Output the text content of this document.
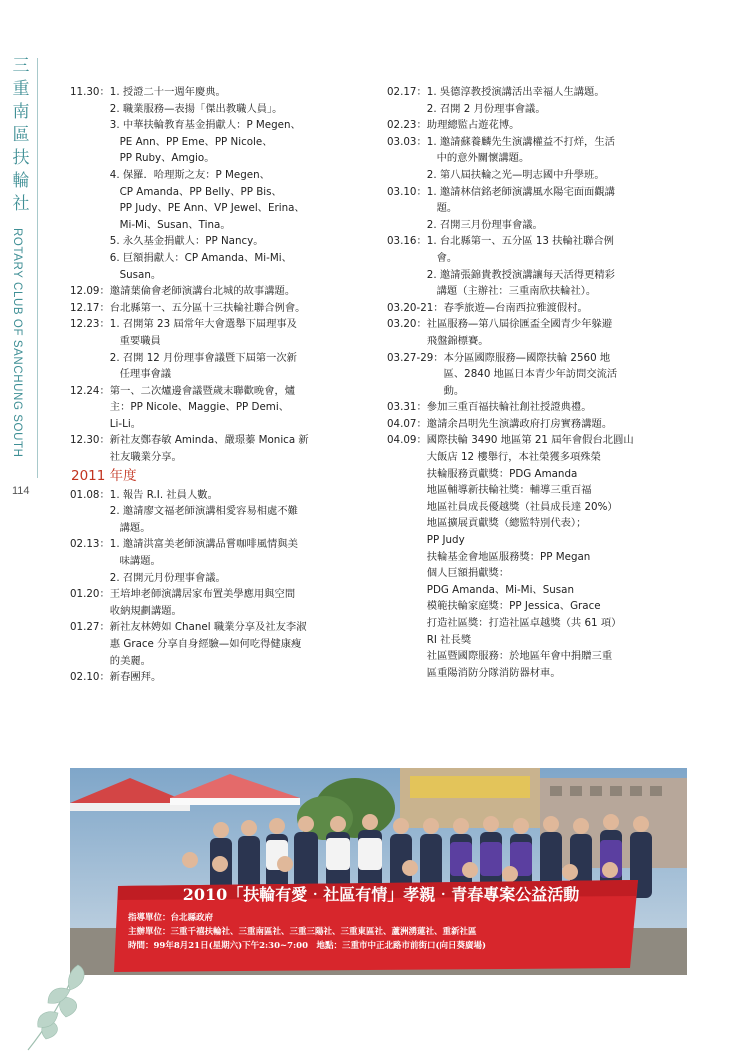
三重南區扶輪社
ROTARY CLUB OF SANCHUNG SOUTH
114
11.30： 1. 授證二十一週年慶典。
2. 職業服務—表揚「傑出教職人員」。
3. 中華扶輪教育基金捐獻人：P Megen、
PE Ann、PP Eme、PP Nicole、
PP Ruby、Amgio。
4. 保羅．哈理斯之友：P Megen、
CP Amanda、PP Belly、PP Bis、
PP Judy、PE Ann、VP Jewel、Erina、
Mi-Mi、Susan、Tina。
5. 永久基金捐獻人：PP Nancy。
6. 巨額捐獻人：CP Amanda、Mi-Mi、
Susan。
12.09： 邀請葉倫會老師演講台北城的故事講題。
12.17： 台北縣第一、五分區十三扶輪社聯合例會。
12.23： 1. 召開第 23 屆常年大會選舉下屆理事及
重要職員
2. 召開 12 月份理事會議暨下屆第一次新
任理事會議
12.24： 第一、二次爐邊會議暨歲末聯歡晚會，爐
主：PP Nicole、Maggie、PP Demi、
Li-Li。
12.30： 新社友鄭春敏 Aminda、嚴璟蓁 Monica 新
社友職業分享。
2011 年度
01.08： 1. 報告 R.I. 社員人數。
2. 邀請廖文福老師演講相愛容易相處不難
講題。
02.13： 1. 邀請洪富美老師演講品嘗咖啡風情與美
味講題。
2. 召開元月份理事會議。
01.20： 王培坤老師演講居家布置美學應用與空間
收納規劃講題。
01.27： 新社友林娉如 Chanel 職業分享及社友李淑
惠 Grace 分享自身經驗—如何吃得健康瘦
的美麗。
02.10： 新春團拜。
02.17： 1. 吳德淳教授演講活出幸福人生講題。
2. 召開 2 月份理事會議。
02.23： 助理總監占遊花博。
03.03： 1. 邀請蘇養麟先生演講權益不打烊，生活
中的意外關懷講題。
2. 第八屆扶輪之光—明志國中升學班。
03.10： 1. 邀請林信銘老師演講風水陽宅面面觀講
題。
2. 召開三月份理事會議。
03.16： 1. 台北縣第一、五分區 13 扶輪社聯合例
會。
2. 邀請張錦貴教授演講讓每天活得更精彩
講題（主辦社：三重南欣扶輪社）。
03.20-21： 春季旅遊—台南西拉雅渡假村。
03.20： 社區服務—第八屆徐匯盃全國青少年躲避
飛盤錦標賽。
03.27-29： 本分區國際服務—國際扶輪 2560 地
區、2840 地區日本青少年訪問交流活
動。
03.31： 參加三重百福扶輪社創社授證典禮。
04.07： 邀請余昌明先生演講政府打房實務講題。
04.09： 國際扶輪 3490 地區第 21 屆年會假台北圓山
大飯店 12 樓舉行，本社榮獲多項殊榮
扶輪服務貢獻獎：PDG Amanda
地區輔導新扶輪社獎：輔導三重百福
地區社員成長優越獎（社員成長達 20%）
地區擴展貢獻獎（總監特別代表）；
PP Judy
扶輪基金會地區服務獎：PP Megan
個人巨額捐獻獎：
PDG Amanda、Mi-Mi、Susan
模範扶輪家庭獎：PP Jessica、Grace
打造社區獎：打造社區卓越獎（共 61 項）
RI 社長獎
社區暨國際服務：於地區年會中捐贈三重
區重陽消防分隊消防器材車。
2010「扶輪有愛‧社區有情」孝親‧青春專案公益活動
指導單位：台北縣政府
主辦單位：三重千禧扶輪社、三重南區社、三重三陽社、三重東區社、蘆洲湧蓮社、重新社區
時間：99年8月21日(星期六)下午2:30~7:00　地點：三重市中正北路市前街口(向日葵廣場)
